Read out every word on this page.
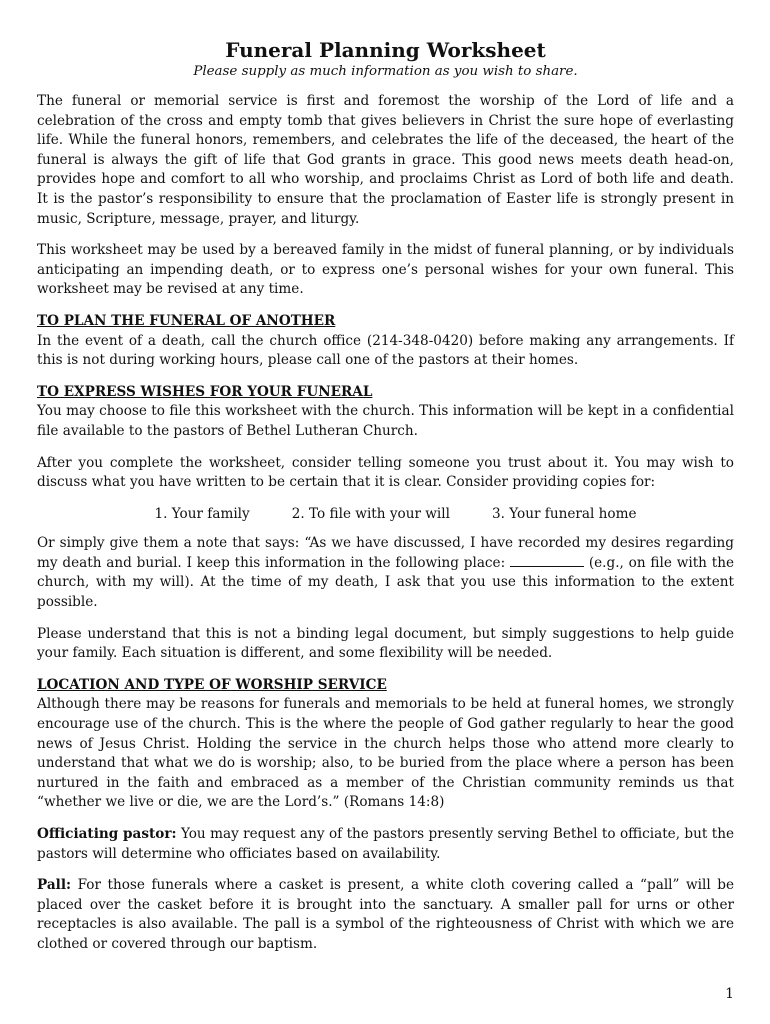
Funeral Planning Worksheet
Please supply as much information as you wish to share.

The funeral or memorial service is first and foremost the worship of the Lord of life and a celebration of the cross and empty tomb that gives believers in Christ the sure hope of everlasting life. While the funeral honors, remembers, and celebrates the life of the deceased, the heart of the funeral is always the gift of life that God grants in grace. This good news meets death head-on, provides hope and comfort to all who worship, and proclaims Christ as Lord of both life and death. It is the pastor’s responsibility to ensure that the proclamation of Easter life is strongly present in music, Scripture, message, prayer, and liturgy.

This worksheet may be used by a bereaved family in the midst of funeral planning, or by individuals anticipating an impending death, or to express one’s personal wishes for your own funeral. This worksheet may be revised at any time.

TO PLAN THE FUNERAL OF ANOTHER

In the event of a death, call the church office (214-348-0420) before making any arrangements. If this is not during working hours, please call one of the pastors at their homes.

TO EXPRESS WISHES FOR YOUR FUNERAL

You may choose to file this worksheet with the church. This information will be kept in a confidential file available to the pastors of Bethel Lutheran Church.

After you complete the worksheet, consider telling someone you trust about it. You may wish to discuss what you have written to be certain that it is clear. Consider providing copies for:

1. Your family	2. To file with your will	3. Your funeral home

Or simply give them a note that says: “As we have discussed, I have recorded my desires regarding my death and burial. I keep this information in the following place:	(e.g., on file with the church, with my will). At the time of my death, I ask that you use this information to the extent possible.

Please understand that this is not a binding legal document, but simply suggestions to help guide your family. Each situation is different, and some flexibility will be needed.

LOCATION AND TYPE OF WORSHIP SERVICE

Although there may be reasons for funerals and memorials to be held at funeral homes, we strongly encourage use of the church. This is the where the people of God gather regularly to hear the good news of Jesus Christ. Holding the service in the church helps those who attend more clearly to understand that what we do is worship; also, to be buried from the place where a person has been nurtured in the faith and embraced as a member of the Christian community reminds us that “whether we live or die, we are the Lord’s.” (Romans 14:8)

Officiating pastor: You may request any of the pastors presently serving Bethel to officiate, but the pastors will determine who officiates based on availability.

Pall: For those funerals where a casket is present, a white cloth covering called a “pall” will be placed over the casket before it is brought into the sanctuary. A smaller pall for urns or other receptacles is also available. The pall is a symbol of the righteousness of Christ with which we are clothed or covered through our baptism.

1
